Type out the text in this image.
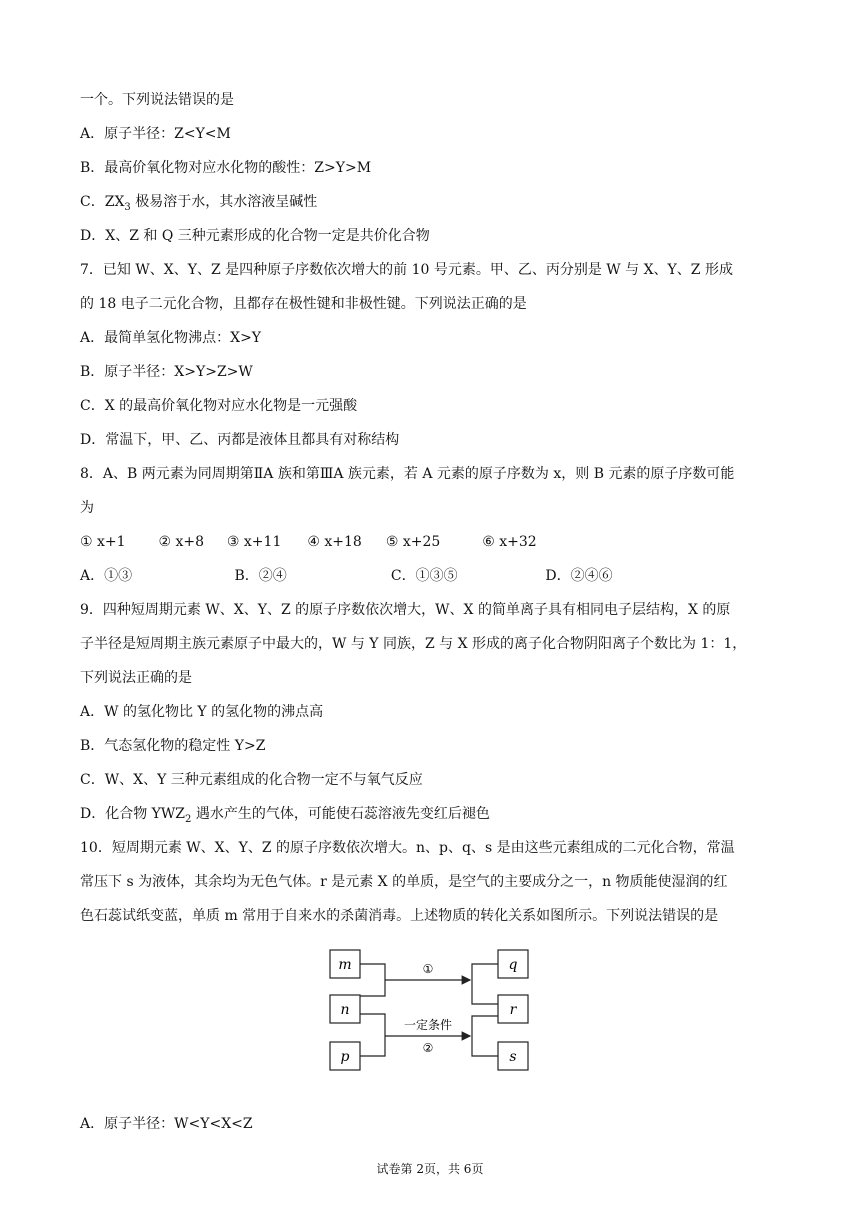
一个。下列说法错误的是
A．原子半径：Z<Y<M
B．最高价氧化物对应水化物的酸性：Z>Y>M
C．$ZX_3$ 极易溶于水，其水溶液呈碱性
D．X、Z 和 Q 三种元素形成的化合物一定是共价化合物
7．已知 W、X、Y、Z 是四种原子序数依次增大的前 10 号元素。甲、乙、丙分别是 W 与 X、Y、Z 形成
的 18 电子二元化合物，且都存在极性键和非极性键。下列说法正确的是
A．最简单氢化物沸点：X>Y
B．原子半径：X>Y>Z>W
C．X 的最高价氧化物对应水化物是一元强酸
D．常温下，甲、乙、丙都是液体且都具有对称结构
8．A、B 两元素为同周期第ⅡA 族和第ⅢA 族元素，若 A 元素的原子序数为 x，则 B 元素的原子序数可能
为
① x+1 ② x+8 ③ x+11 ④ x+18 ⑤ x+25	⑥ x+32
A．①③	B．②④	C．①③⑤	D．②④⑥
9．四种短周期元素 W、X、Y、Z 的原子序数依次增大，W、X 的简单离子具有相同电子层结构，X 的原
子半径是短周期主族元素原子中最大的，W 与 Y 同族，Z 与 X 形成的离子化合物阴阳离子个数比为 1：1，
下列说法正确的是
A．W 的氢化物比 Y 的氢化物的沸点高
B．气态氢化物的稳定性 Y>Z
C．W、X、Y 三种元素组成的化合物一定不与氧气反应
D．化合物 $YWZ_2$ 遇水产生的气体，可能使石蕊溶液先变红后褪色
10．短周期元素 W、X、Y、Z 的原子序数依次增大。n、p、q、s 是由这些元素组成的二元化合物，常温
常压下 s 为液体，其余均为无色气体。r 是元素 X 的单质，是空气的主要成分之一，n 物质能使湿润的红
色石蕊试纸变蓝，单质 m 常用于自来水的杀菌消毒。上述物质的转化关系如图所示。下列说法错误的是
m
n
p
q
r
s
①
一定条件
②
A．原子半径：W<Y<X<Z
试卷第 2页，共 6页
